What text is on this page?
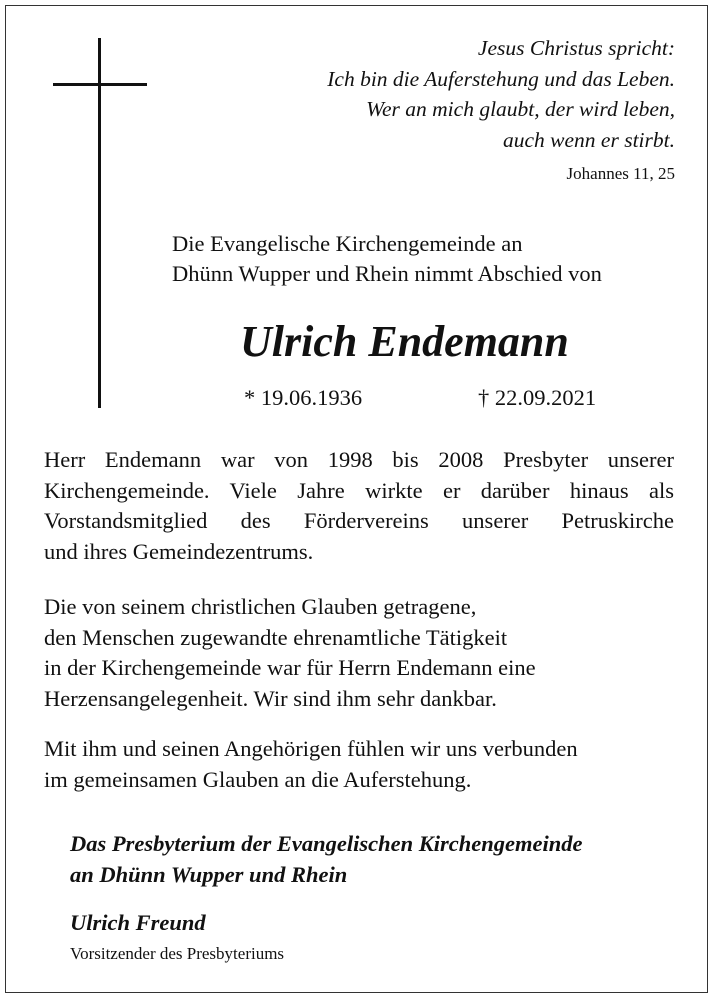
Jesus Christus spricht:
Ich bin die Auferstehung und das Leben.
Wer an mich glaubt, der wird leben,
auch wenn er stirbt.
Johannes 11, 25
Die Evangelische Kirchengemeinde an
Dhünn Wupper und Rhein nimmt Abschied von
Ulrich Endemann
* 19.06.1936	† 22.09.2021
Herr Endemann war von 1998 bis 2008 Presbyter unserer
Kirchengemeinde. Viele Jahre wirkte er darüber hinaus als
Vorstandsmitglied des Fördervereins unserer Petruskirche
und ihres Gemeindezentrums.
Die von seinem christlichen Glauben getragene,
den Menschen zugewandte ehrenamtliche Tätigkeit
in der Kirchengemeinde war für Herrn Endemann eine
Herzensangelegenheit. Wir sind ihm sehr dankbar.
Mit ihm und seinen Angehörigen fühlen wir uns verbunden
im gemeinsamen Glauben an die Auferstehung.
Das Presbyterium der Evangelischen Kirchengemeinde
an Dhünn Wupper und Rhein
Ulrich Freund
Vorsitzender des Presbyteriums
